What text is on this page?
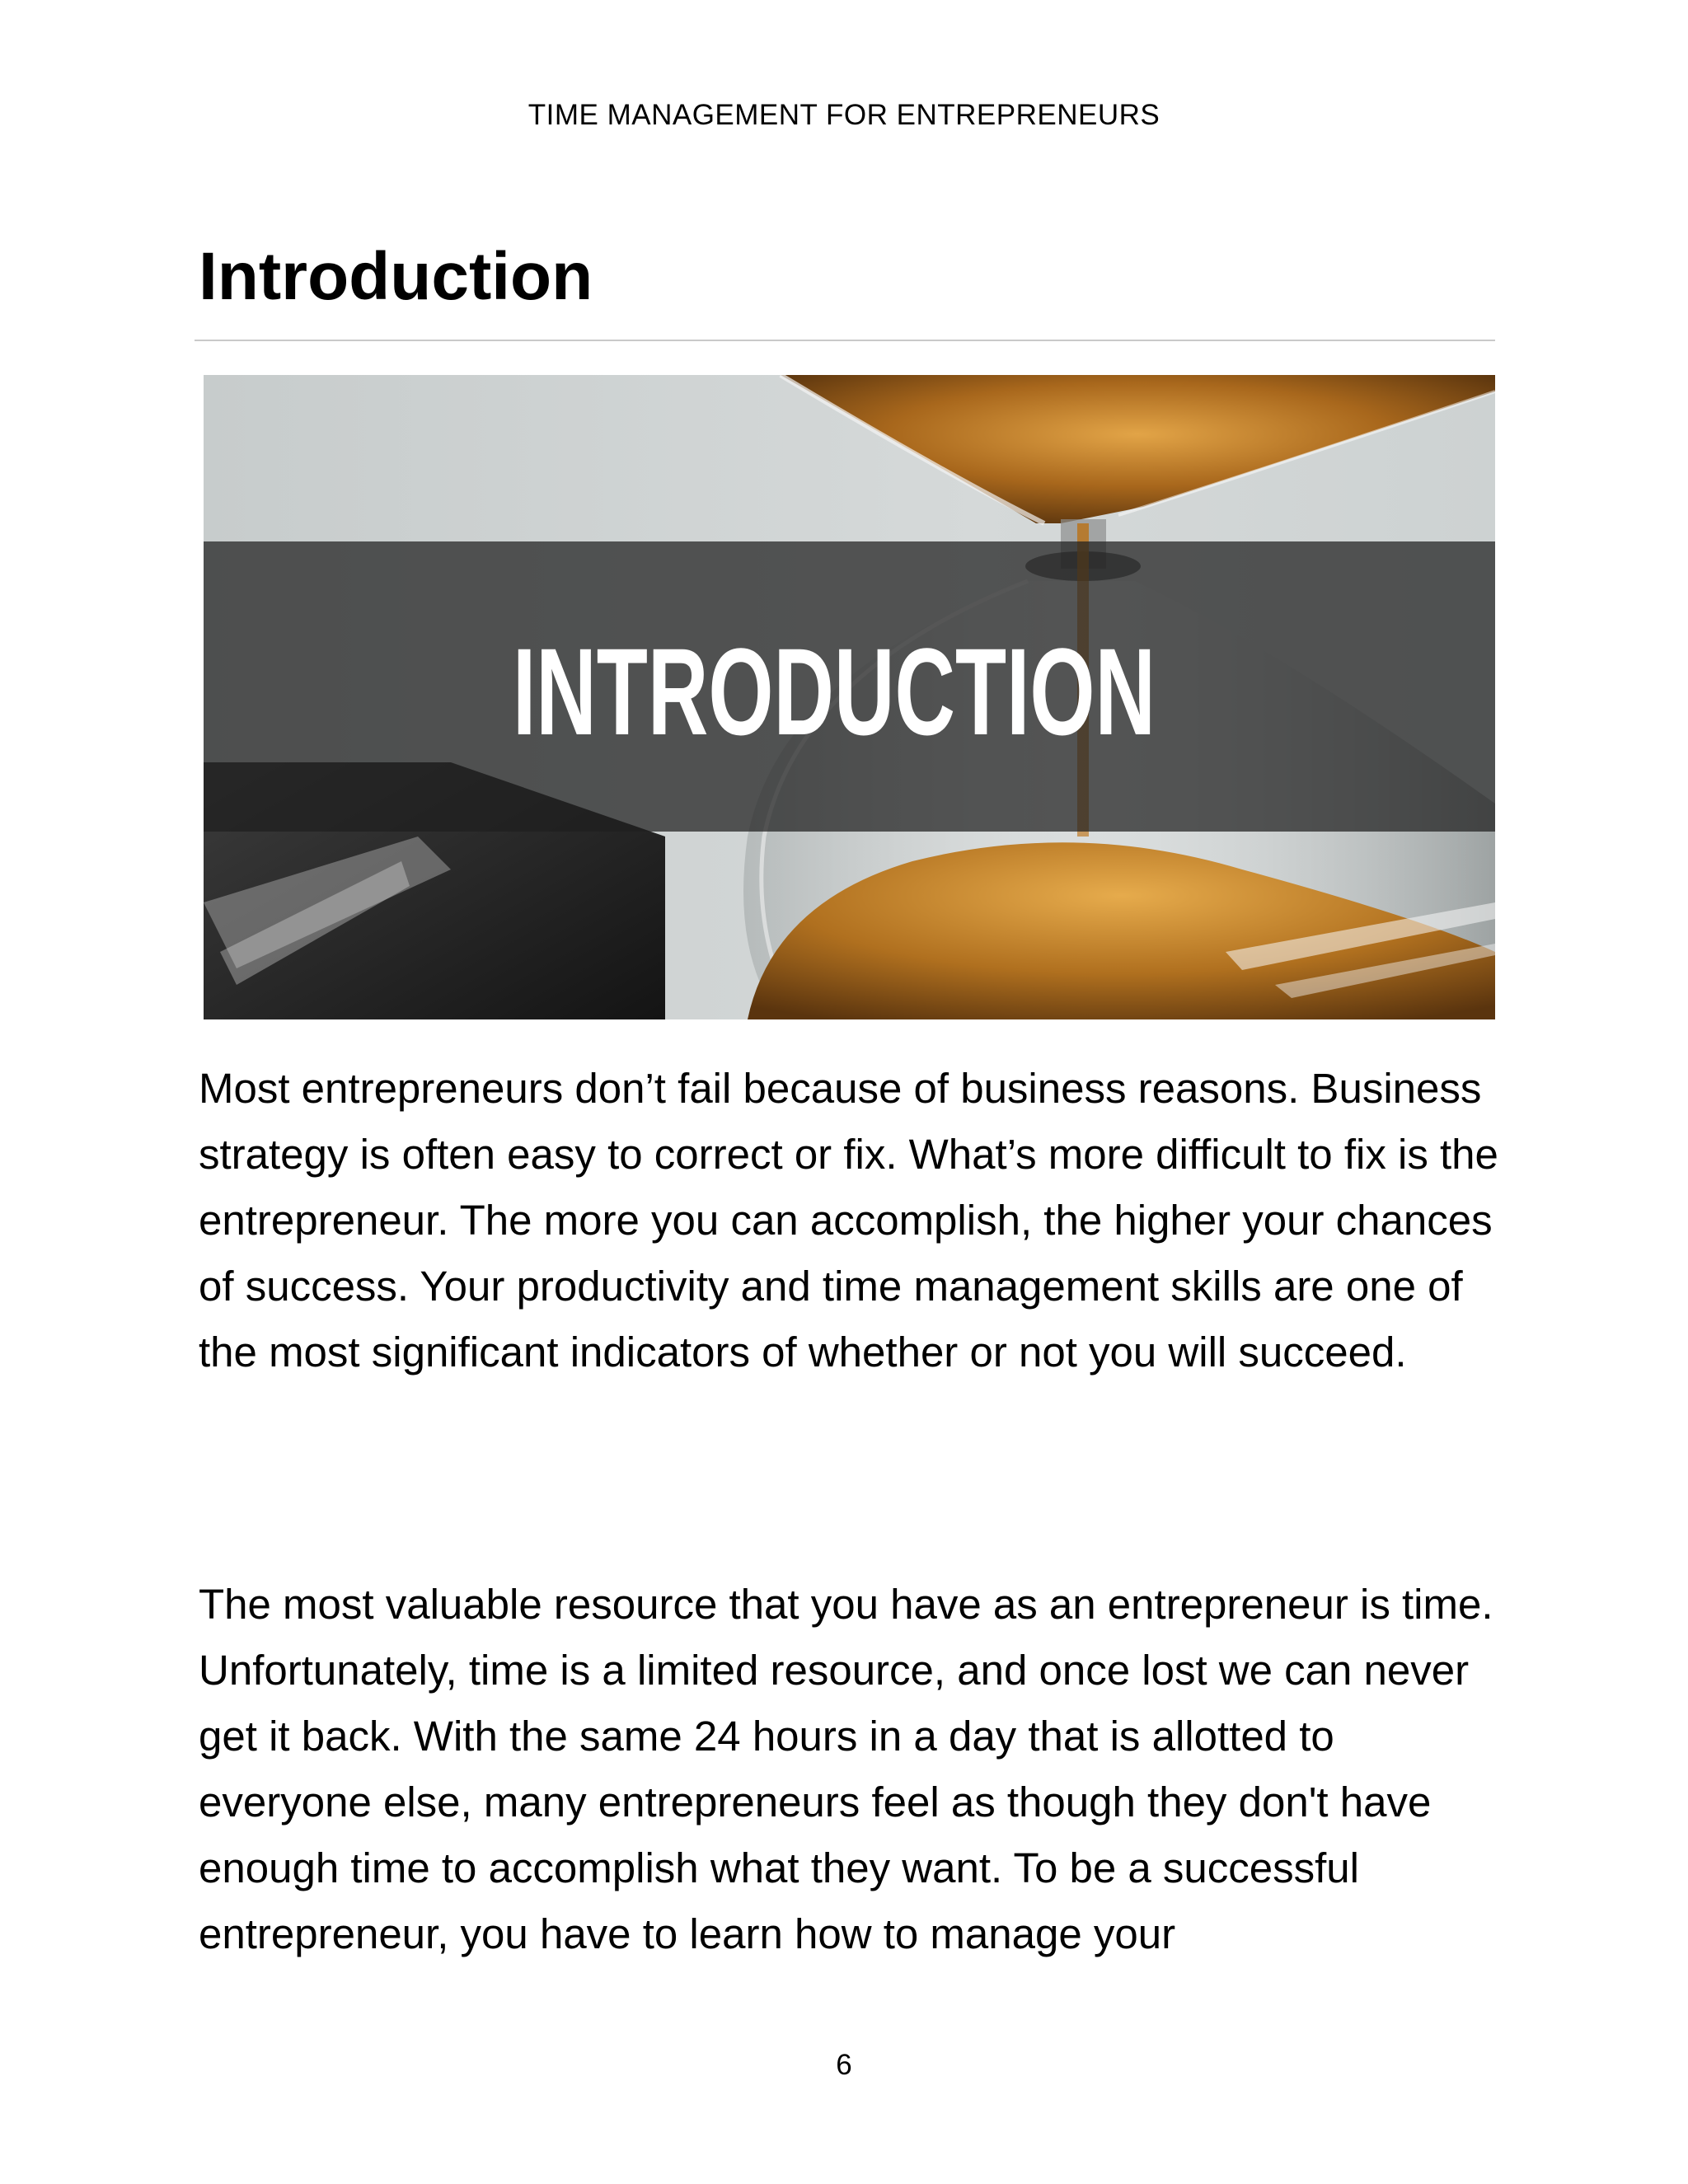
TIME MANAGEMENT FOR ENTREPRENEURS
Introduction
INTRODUCTION

Most entrepreneurs don’t fail because of business reasons. Business strategy is often easy to correct or fix. What’s more difficult to fix is the entrepreneur. The more you can accomplish, the higher your chances of success. Your productivity and time management skills are one of the most significant indicators of whether or not you will succeed.

The most valuable resource that you have as an entrepreneur is time. Unfortunately, time is a limited resource, and once lost we can never get it back. With the same 24 hours in a day that is allotted to everyone else, many entrepreneurs feel as though they don't have enough time to accomplish what they want. To be a successful entrepreneur, you have to learn how to manage your

6
